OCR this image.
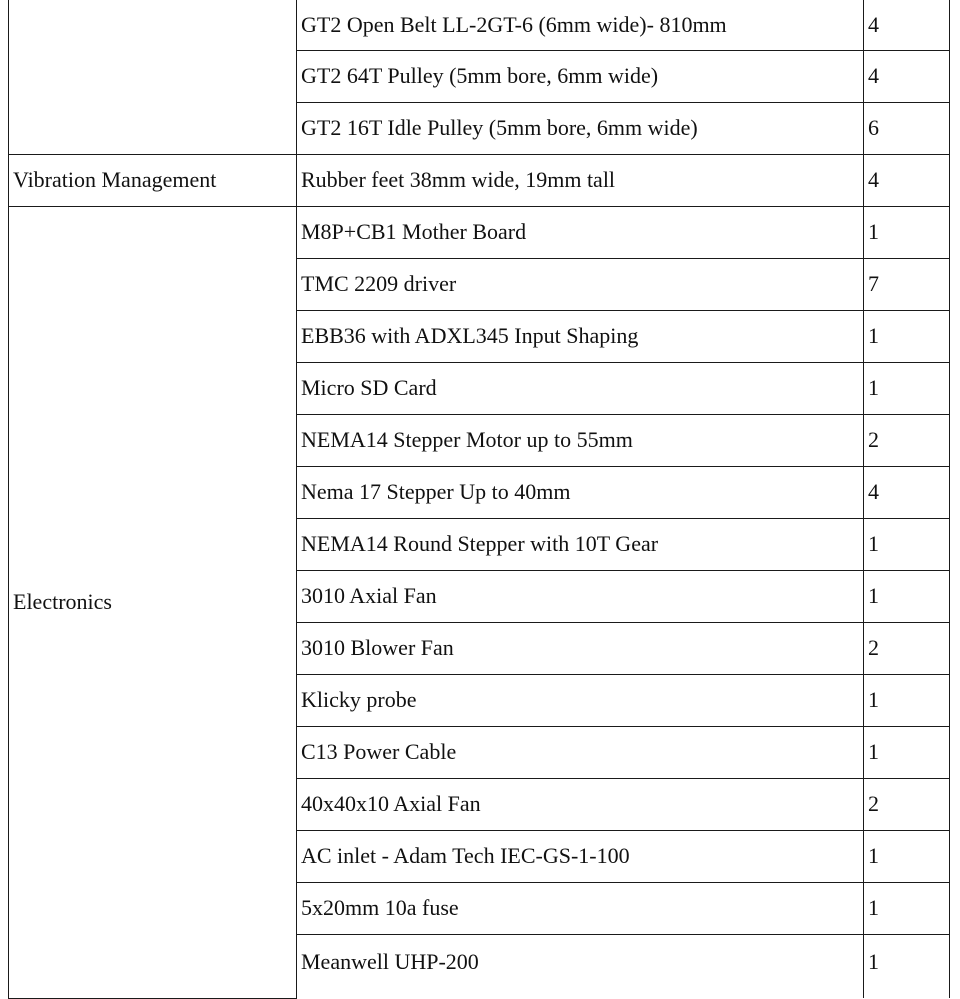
	GT2 Open Belt LL-2GT-6 (6mm wide)- 810mm	4
	GT2 64T Pulley (5mm bore, 6mm wide)	4
	GT2 16T Idle Pulley (5mm bore, 6mm wide)	6
Vibration Management	Rubber feet 38mm wide, 19mm tall	4
Electronics	M8P+CB1 Mother Board	1
	TMC 2209 driver	7
	EBB36 with ADXL345 Input Shaping	1
	Micro SD Card	1
	NEMA14 Stepper Motor up to 55mm	2
	Nema 17 Stepper Up to 40mm	4
	NEMA14 Round Stepper with 10T Gear	1
	3010 Axial Fan	1
	3010 Blower Fan	2
	Klicky probe	1
	C13 Power Cable	1
	40x40x10 Axial Fan	2
	AC inlet - Adam Tech IEC-GS-1-100	1
	5x20mm 10a fuse	1
	Meanwell UHP-200	1
